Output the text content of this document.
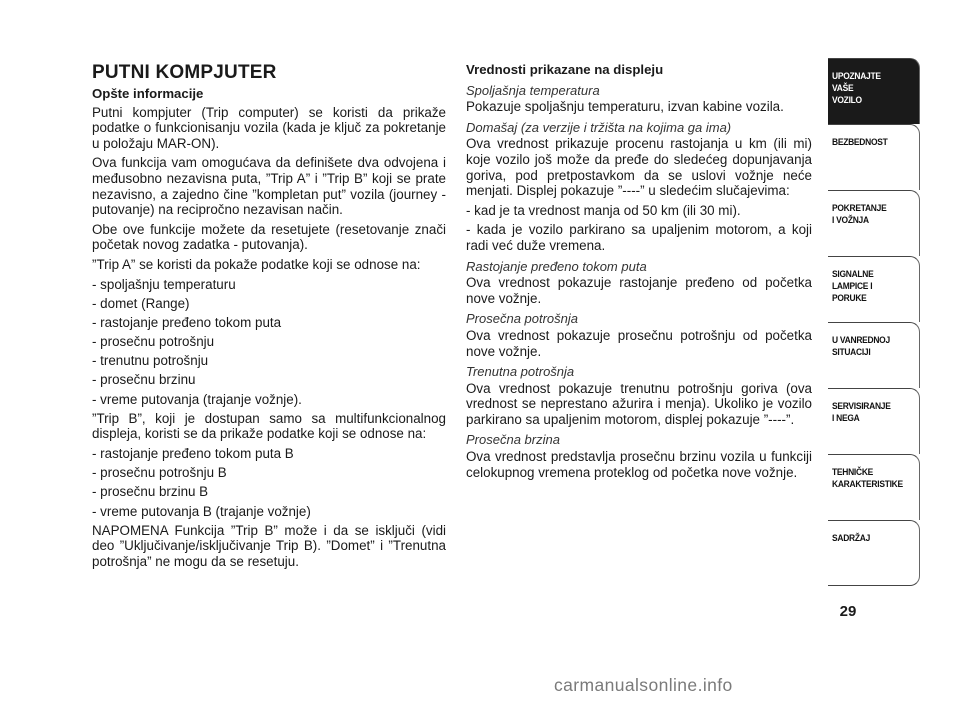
PUTNI KOMPJUTER
Opšte informacije
Putni kompjuter (Trip computer) se koristi da prikaže podatke o funkcionisanju vozila (kada je ključ za pokretanje u položaju MAR-ON).
Ova funkcija vam omogućava da definišete dva odvojena i međusobno nezavisna puta, ”Trip A” i ”Trip B” koji se prate nezavisno, a zajedno čine ”kompletan put” vozila (journey - putovanje) na recipročno nezavisan način.
Obe ove funkcije možete da resetujete (resetovanje znači početak novog zadatka - putovanja).
”Trip A” se koristi da pokaže podatke koji se odnose na:
- spoljašnju temperaturu
- domet (Range)
- rastojanje pređeno tokom puta
- prosečnu potrošnju
- trenutnu potrošnju
- prosečnu brzinu
- vreme putovanja (trajanje vožnje).
”Trip B”, koji je dostupan samo sa multifunkcionalnog displeja, koristi se da prikaže podatke koji se odnose na:
- rastojanje pređeno tokom puta B
- prosečnu potrošnju B
- prosečnu brzinu B
- vreme putovanja B (trajanje vožnje)
NAPOMENA Funkcija ”Trip B” može i da se isključi (vidi deo ”Uključivanje/isključivanje Trip B). ”Domet” i ”Trenutna potrošnja” ne mogu da se resetuju.
Vrednosti prikazane na displeju
Spoljašnja temperatura
Pokazuje spoljašnju temperaturu, izvan kabine vozila.
Domašaj (za verzije i tržišta na kojima ga ima)
Ova vrednost prikazuje procenu rastojanja u km (ili mi) koje vozilo još može da pređe do sledećeg dopunjavanja goriva, pod pretpostavkom da se uslovi vožnje neće menjati. Displej pokazuje ”----” u sledećim slučajevima:
- kad je ta vrednost manja od 50 km (ili 30 mi).
- kada je vozilo parkirano sa upaljenim motorom, a koji radi već duže vremena.
Rastojanje pređeno tokom puta
Ova vrednost pokazuje rastojanje pređeno od početka nove vožnje.
Prosečna potrošnja
Ova vrednost pokazuje prosečnu potrošnju od početka nove vožnje.
Trenutna potrošnja
Ova vrednost pokazuje trenutnu potrošnju goriva (ova vrednost se neprestano ažurira i menja). Ukoliko je vozilo parkirano sa upaljenim motorom, displej pokazuje ”----”.
Prosečna brzina
Ova vrednost predstavlja prosečnu brzinu vozila u funkciji celokupnog vremena proteklog od početka nove vožnje.
UPOZNAJTE
VAŠE
VOZILO
BEZBEDNOST
POKRETANJE
I VOŽNJA
SIGNALNE
LAMPICE I PORUKE
U VANREDNOJ
SITUACIJI
SERVISIRANJE
I NEGA
TEHNIČKE
KARAKTERISTIKE
SADRŽAJ
29
carmanualsonline.info
